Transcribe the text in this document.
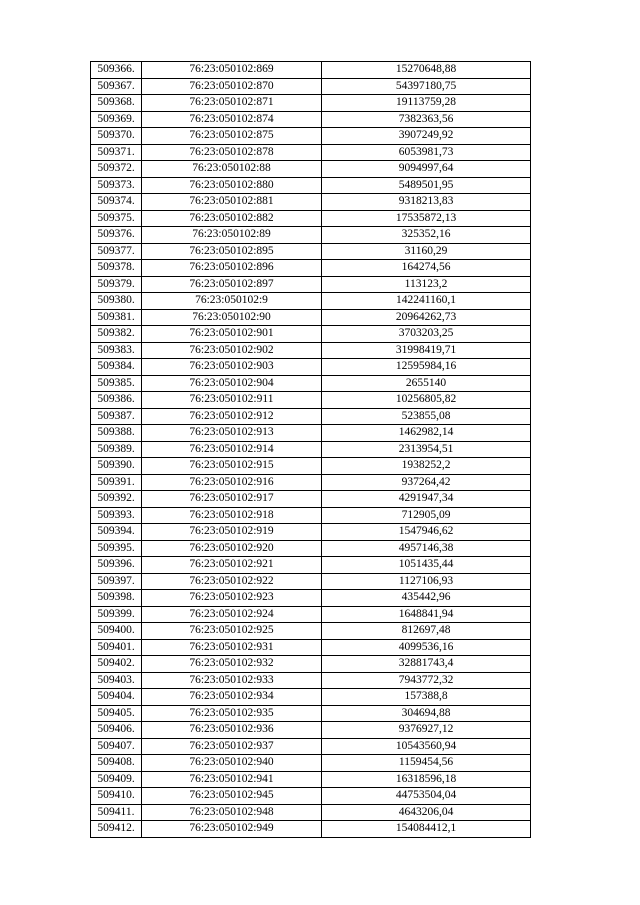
509366.	76:23:050102:869	15270648,88
509367.	76:23:050102:870	54397180,75
509368.	76:23:050102:871	19113759,28
509369.	76:23:050102:874	7382363,56
509370.	76:23:050102:875	3907249,92
509371.	76:23:050102:878	6053981,73
509372.	76:23:050102:88	9094997,64
509373.	76:23:050102:880	5489501,95
509374.	76:23:050102:881	9318213,83
509375.	76:23:050102:882	17535872,13
509376.	76:23:050102:89	325352,16
509377.	76:23:050102:895	31160,29
509378.	76:23:050102:896	164274,56
509379.	76:23:050102:897	113123,2
509380.	76:23:050102:9	142241160,1
509381.	76:23:050102:90	20964262,73
509382.	76:23:050102:901	3703203,25
509383.	76:23:050102:902	31998419,71
509384.	76:23:050102:903	12595984,16
509385.	76:23:050102:904	2655140
509386.	76:23:050102:911	10256805,82
509387.	76:23:050102:912	523855,08
509388.	76:23:050102:913	1462982,14
509389.	76:23:050102:914	2313954,51
509390.	76:23:050102:915	1938252,2
509391.	76:23:050102:916	937264,42
509392.	76:23:050102:917	4291947,34
509393.	76:23:050102:918	712905,09
509394.	76:23:050102:919	1547946,62
509395.	76:23:050102:920	4957146,38
509396.	76:23:050102:921	1051435,44
509397.	76:23:050102:922	1127106,93
509398.	76:23:050102:923	435442,96
509399.	76:23:050102:924	1648841,94
509400.	76:23:050102:925	812697,48
509401.	76:23:050102:931	4099536,16
509402.	76:23:050102:932	32881743,4
509403.	76:23:050102:933	7943772,32
509404.	76:23:050102:934	157388,8
509405.	76:23:050102:935	304694,88
509406.	76:23:050102:936	9376927,12
509407.	76:23:050102:937	10543560,94
509408.	76:23:050102:940	1159454,56
509409.	76:23:050102:941	16318596,18
509410.	76:23:050102:945	44753504,04
509411.	76:23:050102:948	4643206,04
509412.	76:23:050102:949	154084412,1
